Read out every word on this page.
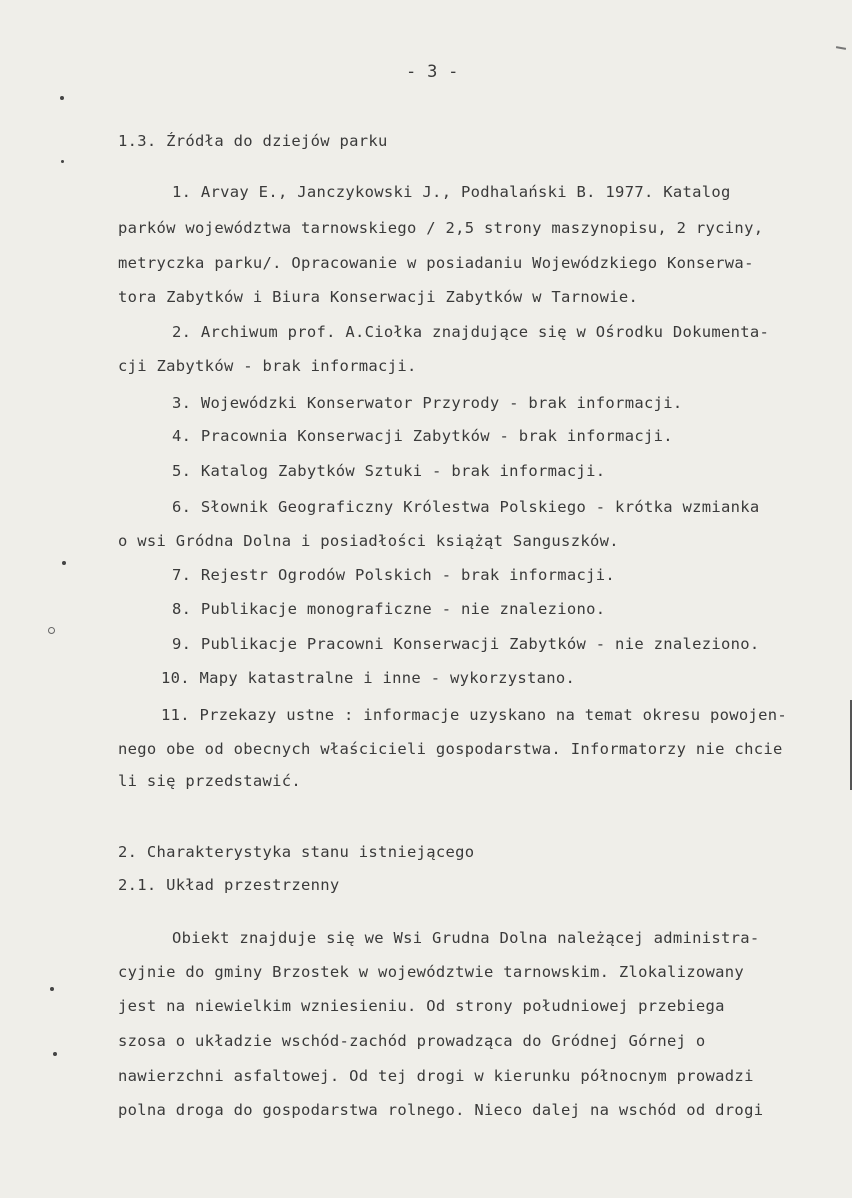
- 3 -
1.3. Źródła do dziejów parku
1. Arvay E., Janczykowski J., Podhalański B. 1977. Katalog
parków województwa tarnowskiego / 2,5 strony maszynopisu, 2 ryciny,
metryczka parku/. Opracowanie w posiadaniu Wojewódzkiego Konserwa-
tora Zabytków i Biura Konserwacji Zabytków w Tarnowie.
2. Archiwum prof. A.Ciołka znajdujące się w Ośrodku Dokumenta-
cji Zabytków - brak informacji.
3. Wojewódzki Konserwator Przyrody - brak informacji.
4. Pracownia Konserwacji Zabytków - brak informacji.
5. Katalog Zabytków Sztuki - brak informacji.
6. Słownik Geograficzny Królestwa Polskiego - krótka wzmianka
o wsi Gródna Dolna i posiadłości książąt Sanguszków.
7. Rejestr Ogrodów Polskich - brak informacji.
8. Publikacje monograficzne - nie znaleziono.
9. Publikacje Pracowni Konserwacji Zabytków - nie znaleziono.
10. Mapy katastralne i inne - wykorzystano.
11. Przekazy ustne : informacje uzyskano na temat okresu powojen-
nego obe od obecnych właścicieli gospodarstwa. Informatorzy nie chcie
li się przedstawić.
2. Charakterystyka stanu istniejącego
2.1. Układ przestrzenny
Obiekt znajduje się we Wsi Grudna Dolna należącej administra-
cyjnie do gminy Brzostek w województwie tarnowskim. Zlokalizowany
jest na niewielkim wzniesieniu. Od strony południowej przebiega
szosa o układzie wschód-zachód prowadząca do Gródnej Górnej o
nawierzchni asfaltowej. Od tej drogi w kierunku północnym prowadzi
polna droga do gospodarstwa rolnego. Nieco dalej na wschód od drogi
